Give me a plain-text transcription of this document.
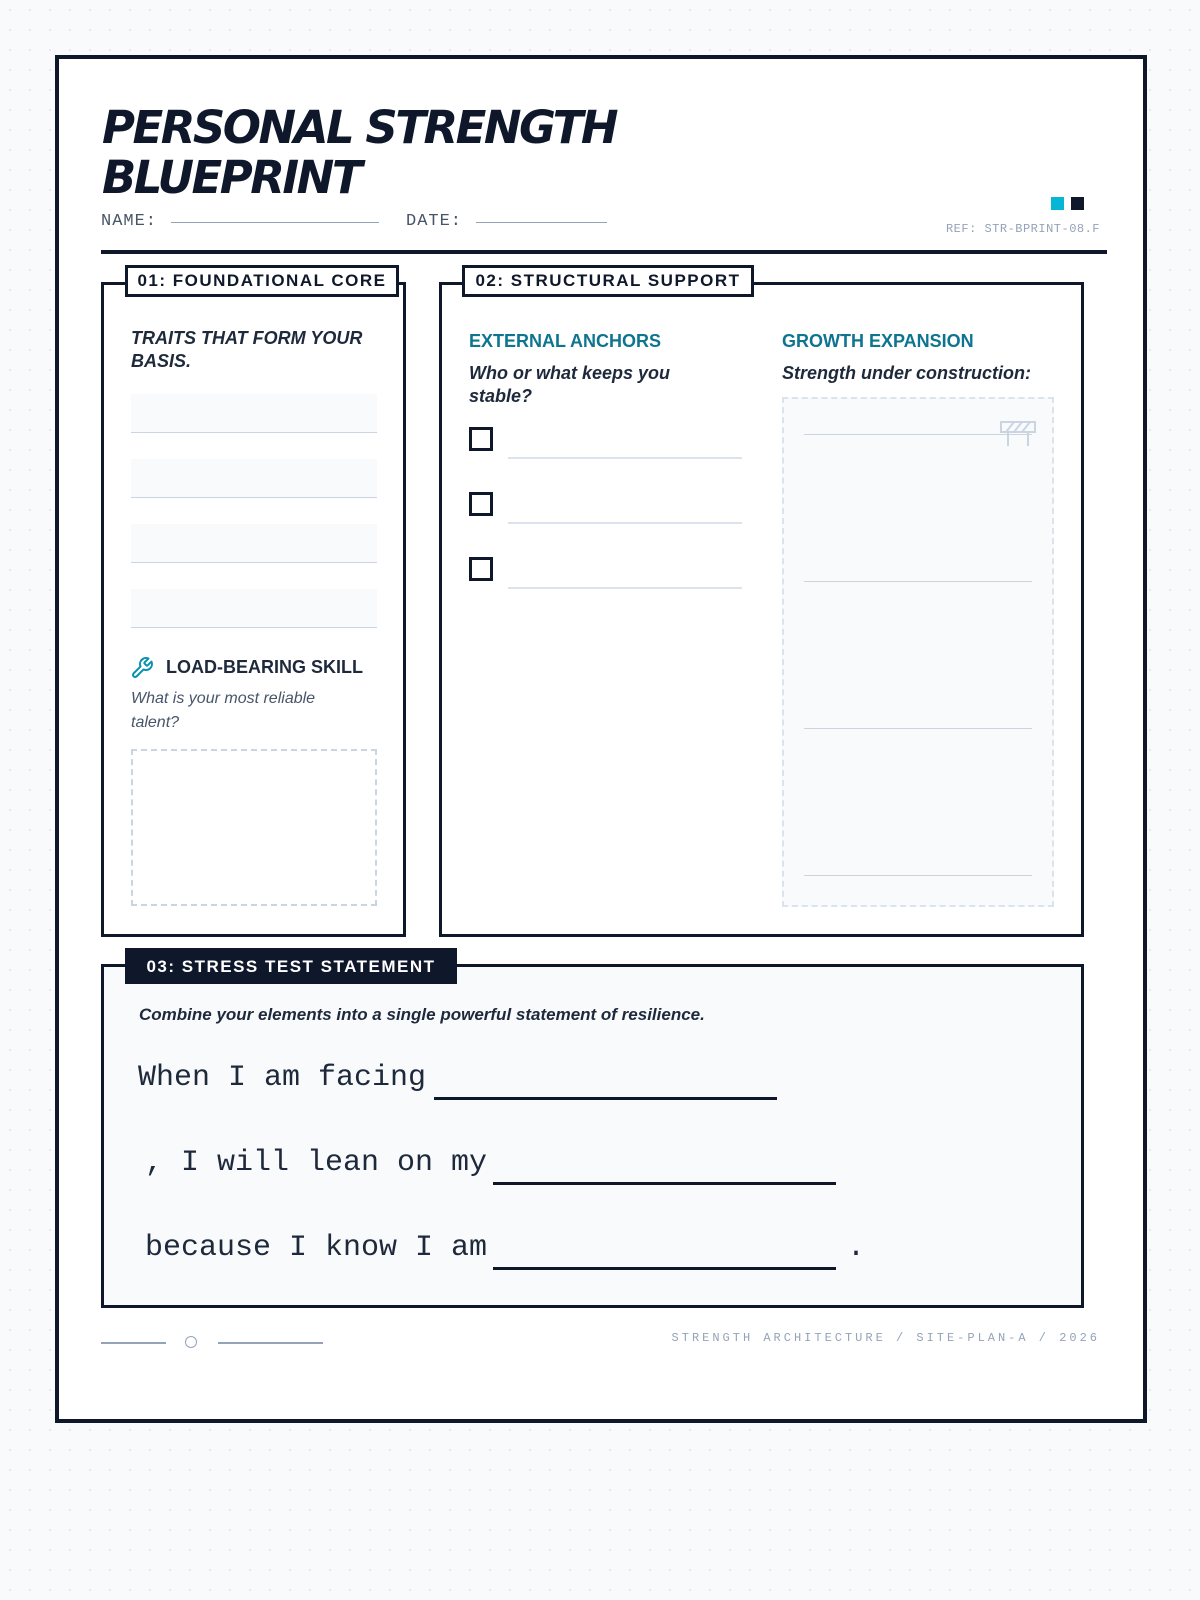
PERSONAL STRENGTH
BLUEPRINT
NAME:	DATE:	REF: STR-BPRINT-08.F
01: FOUNDATIONAL CORE
TRAITS THAT FORM YOUR BASIS.
LOAD-BEARING SKILL
What is your most reliable talent?
02: STRUCTURAL SUPPORT
EXTERNAL ANCHORS
Who or what keeps you stable?
GROWTH EXPANSION
Strength under construction:
03: STRESS TEST STATEMENT
Combine your elements into a single powerful statement of resilience.
When I am facing
, I will lean on my
because I know I am	.
STRENGTH ARCHITECTURE / SITE-PLAN-A / 2026
